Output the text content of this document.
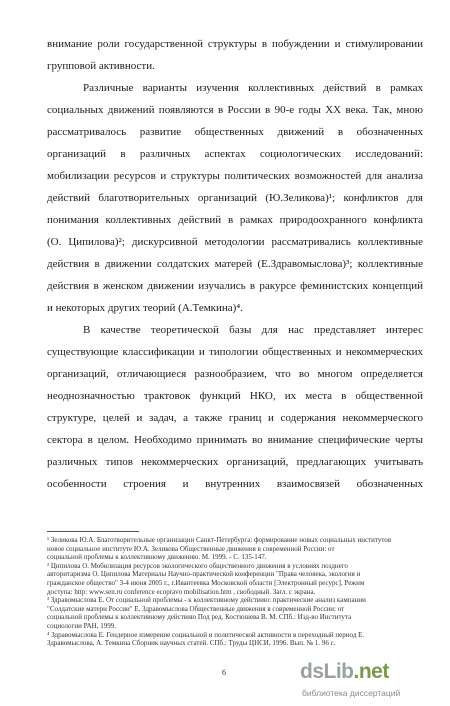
внимание роли государственной структуры в побуждении и стимулировании
групповой активности.
Различные варианты изучения коллективных действий в рамках
социальных движений появляются в России в 90-е годы XX века. Так, мною
рассматривалось развитие общественных движений в обозначенных
организаций в различных аспектах социологических исследований:
мобилизации ресурсов и структуры политических возможностей для анализа
действий благотворительных организаций (Ю.Зеликова)¹; конфликтов для
понимания коллективных действий в рамках природоохранного конфликта
(О. Ципилова)²; дискурсивной методологии рассматривались коллективные
действия в движении солдатских матерей (Е.Здравомыслова)³; коллективные
действия в женском движении изучались в ракурсе феминистских концепций
и некоторых других теорий (А.Темкина)⁴.
В качестве теоретической базы для нас представляет интерес
существующие классификации и типологии общественных и некоммерческих
организаций, отличающиеся разнообразием, что во многом определяется
неоднозначностью трактовок функций НКО, их места в общественной
структуре, целей и задач, а также границ и содержания некоммерческого
сектора в целом. Необходимо принимать во внимание специфические черты
различных типов некоммерческих организаций, предлагающих учитывать
особенности строения и внутренних взаимосвязей обозначенных
¹ Зеликова Ю.А. Благотворительные организации Санкт-Петербурга: формирование новых социальных институтов
новое социальное институте Ю.А. Зеликова Общественные движения в современной России: от
социальной проблемы к коллективному движению. М. 1999. - С. 135-147.
² Ципилова О. Мобилизация ресурсов экологического общественного движения в условиях позднего
авторитаризма О. Ципилова Материалы Научно-практической конференции "Права человека, экология и
гражданское общество" 3-4 июня 2005 г., г.Ивантеевка Московской области [Электронный ресурс]. Режим
доступа: http: www.sen.ru conference ecopravo mobilisation.htm , свободный. Загл. с экрана.
³ Здравомыслова Е. От социальной проблемы - к коллективному действию: практические анализ кампании
"Солдатские матери России" Е. Здравомыслова Общественные движения в современной России: от
социальной проблемы к коллективному действию Под ред. Костюшева В. М. СПб.: Изд-во Института
социологии РАН, 1999.
⁴ Здравомыслова Е. Гендерное измерение социальной и политической активности в переходный период Е.
Здравомыслова, А. Темкина Сборник научных статей. СПб.: Труды ЦНСИ, 1996. Вып. № 1. 96 с.
6	dsLib.net
библиотека диссертаций
